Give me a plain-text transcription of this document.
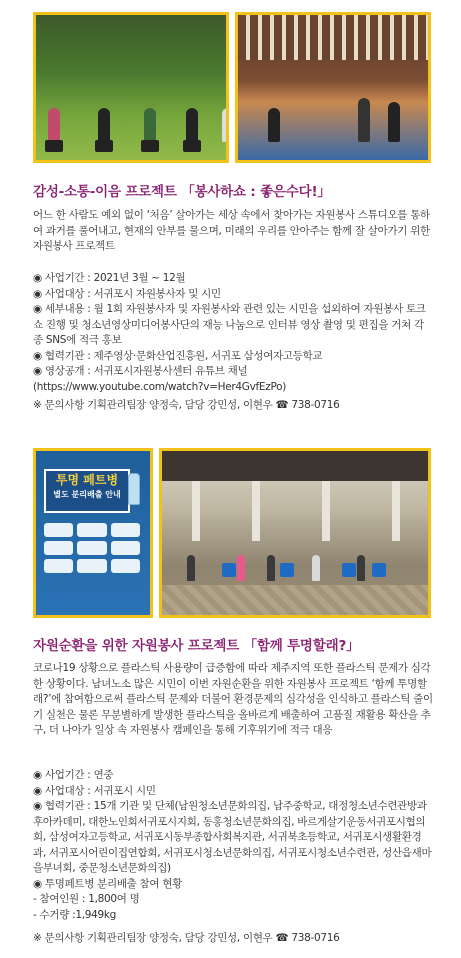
감성-소통-이음 프로젝트 「봉사하쇼 : 좋은수다!」

어느 한 사람도 예외 없이 ‘처음’ 살아가는 세상 속에서 찾아가는 자원봉사 스튜디오를 통하여 과거를 풀어내고, 현재의 안부를 물으며, 미래의 우리를 안아주는 함께 잘 살아가기 위한 자원봉사 프로젝트

◉ 사업기간 : 2021년 3월 ~ 12월
◉ 사업대상 : 서귀포시 자원봉사자 및 시민
◉ 세부내용 : 월 1회 자원봉사자 및 자원봉사와 관련 있는 시민을 섭외하여 자원봉사 토크쇼 진행 및 청소년영상미디어봉사단의 재능 나눔으로 인터뷰 영상 촬영 및 편집을 거쳐 각종 SNS에 적극 홍보
◉ 협력기관 : 제주영상·문화산업진흥원, 서귀포 삼성여자고등학교
◉ 영상공개 : 서귀포시자원봉사센터 유튜브 채널
(https://www.youtube.com/watch?v=Her4GvfEzPo)

※ 문의사항 기획관리팀장 양정숙, 담당 강민성, 이현우 ☎ 738-0716

투명 페트병
별도 분리배출 안내
자원순환을 위한 자원봉사 프로젝트 「함께 투명할래?」

코로나19 상황으로 플라스틱 사용량이 급증함에 따라 제주지역 또한 플라스틱 문제가 심각한 상황이다. 남녀노소 많은 시민이 이번 자원순환을 위한 자원봉사 프로젝트 ‘함께 투명할래?’에 참여함으로써 플라스틱 문제와 더불어 환경문제의 심각성을 인식하고 플라스틱 줄이기 실천은 물론 무분별하게 발생한 플라스틱을 올바르게 배출하여 고품질 재활용 확산을 추구, 더 나아가 일상 속 자원봉사 캠페인을 통해 기후위기에 적극 대응

◉ 사업기간 : 연중
◉ 사업대상 : 서귀포시 시민
◉ 협력기관 : 15개 기관 및 단체(남원청소년문화의집, 남주중학교, 대정청소년수련관방과후아카데미, 대한노인회서귀포시지회, 동홍청소년문화의집, 바르게살기운동서귀포시협의회, 삼성여자고등학교, 서귀포시동부종합사회복지관, 서귀북초등학교, 서귀포시생활환경과, 서귀포시어린이집연합회, 서귀포시청소년문화의집, 서귀포시청소년수련관, 성산읍새마을부녀회, 중문청소년문화의집)
◉ 투명페트병 분리배출 참여 현황
- 참여인원 : 1,800여 명
- 수거량 :1,949kg

※ 문의사항 기획관리팀장 양정숙, 담당 강민성, 이현우 ☎ 738-0716
